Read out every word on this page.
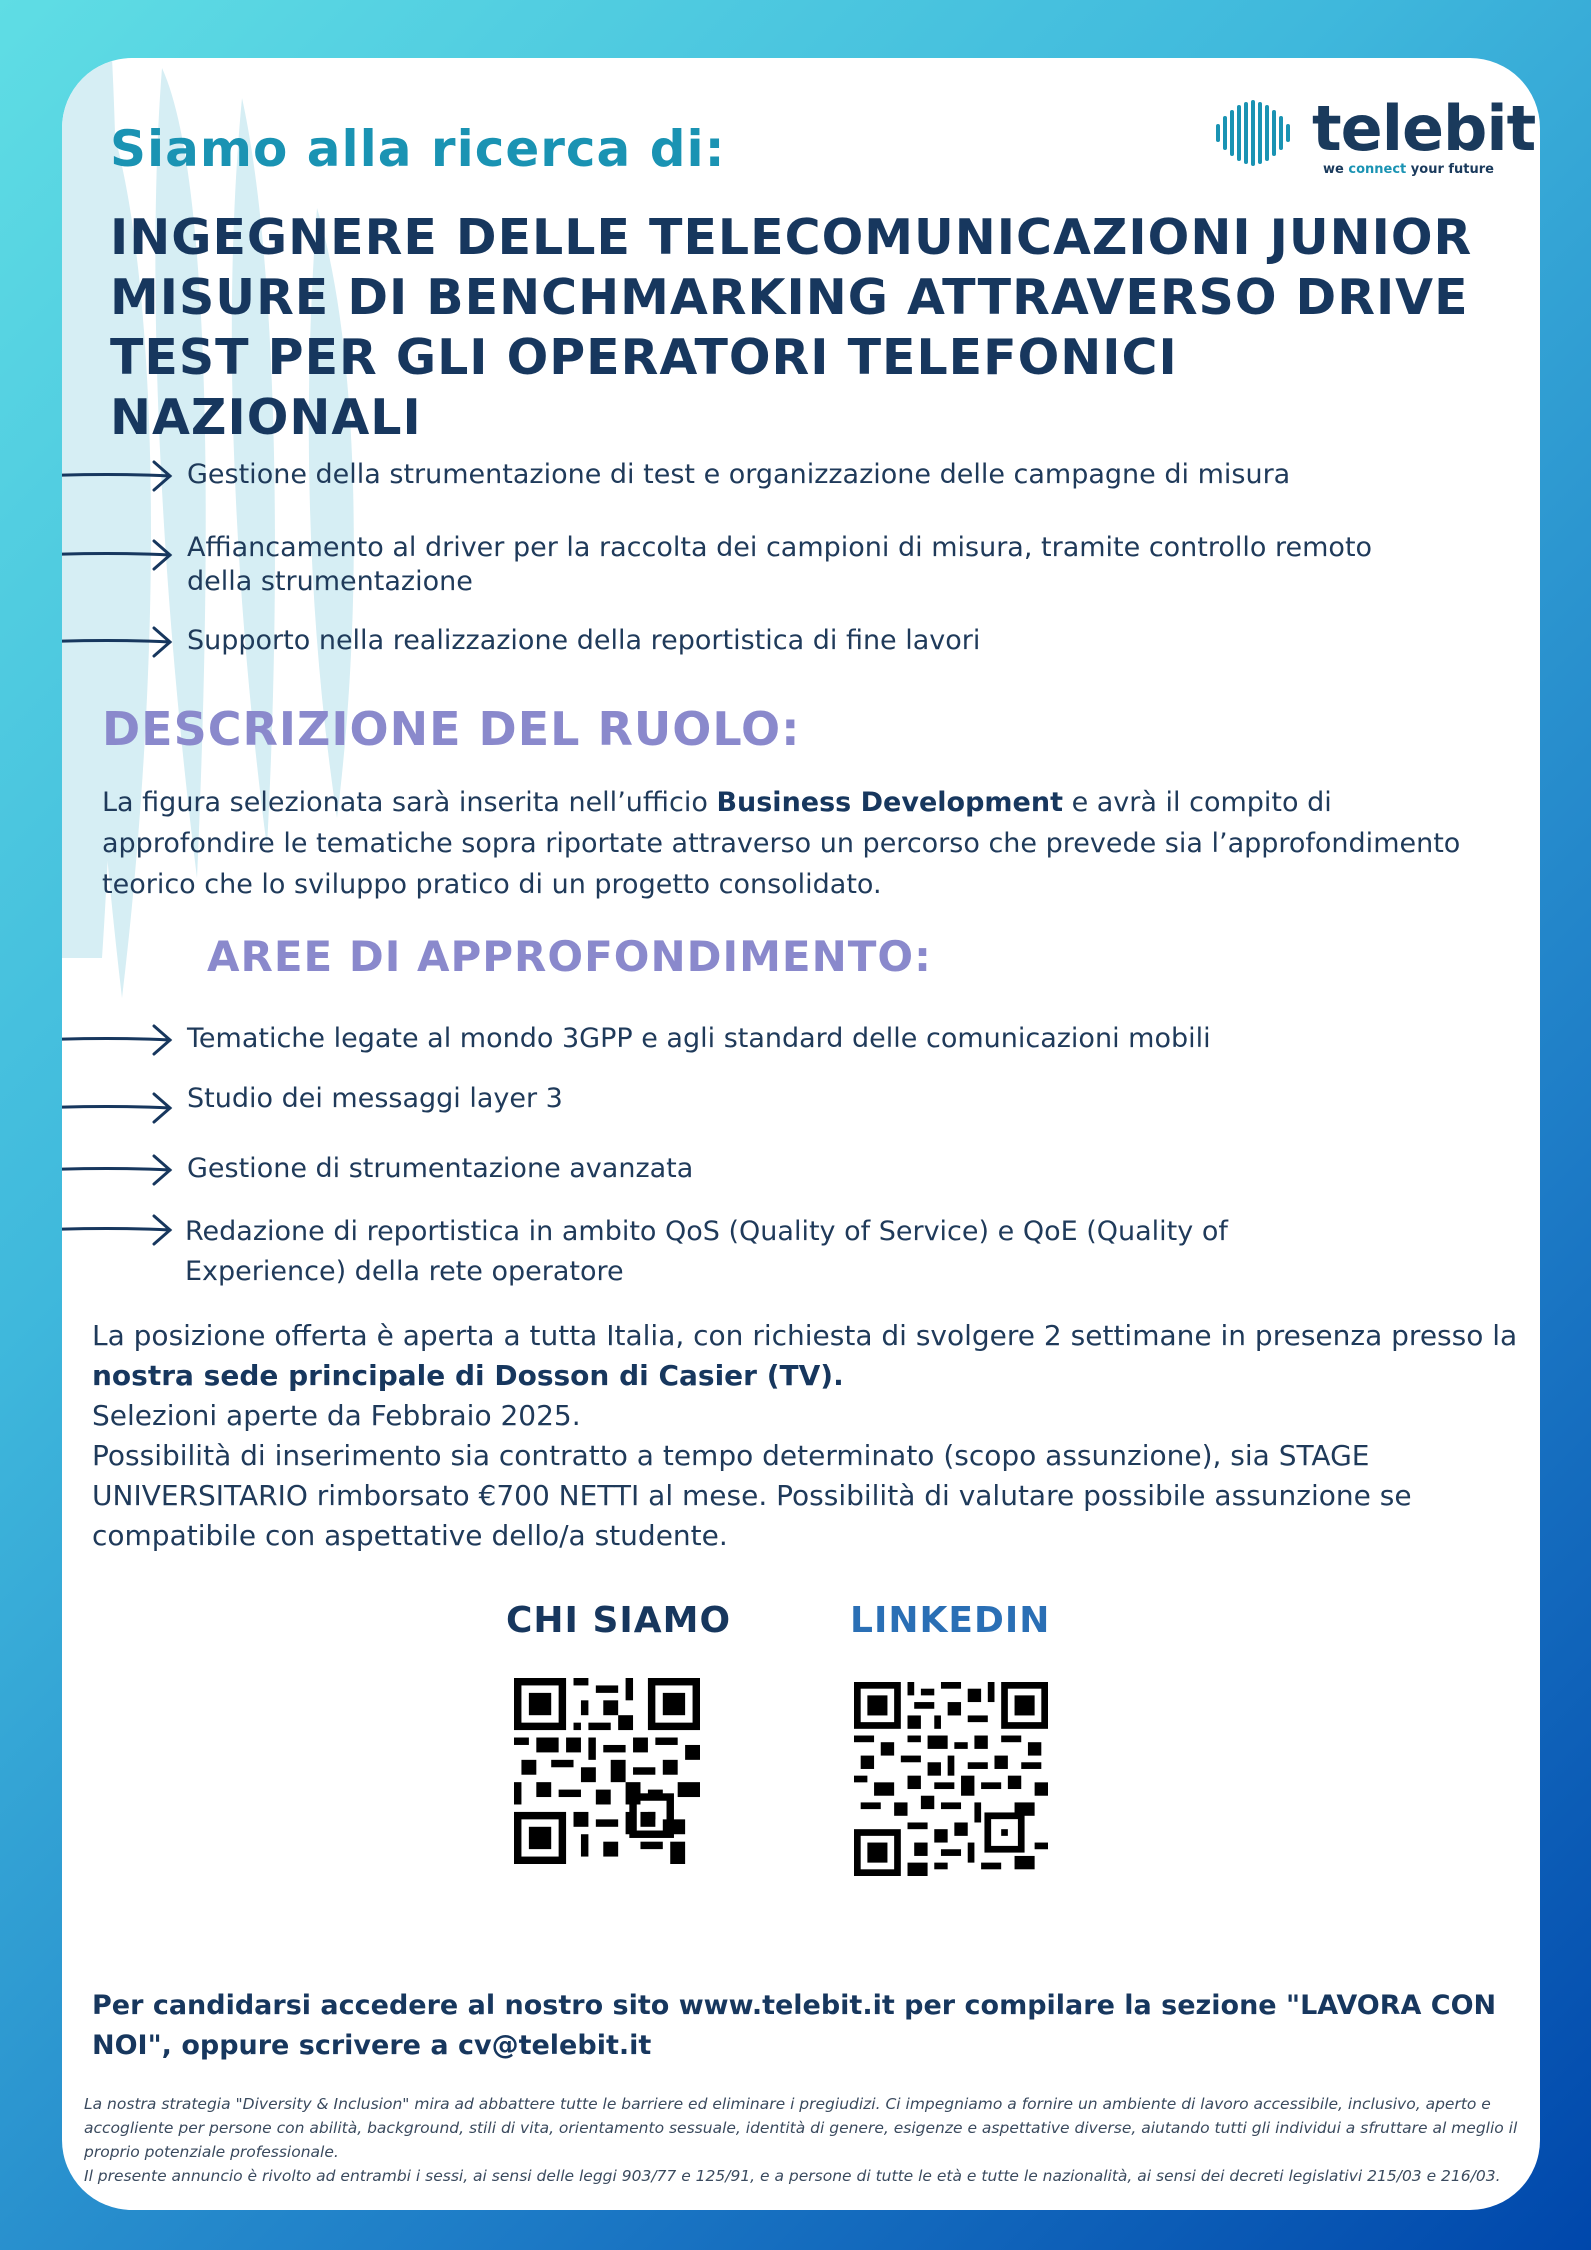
Siamo alla ricerca di:
INGEGNERE DELLE TELECOMUNICAZIONI JUNIOR
MISURE DI BENCHMARKING ATTRAVERSO DRIVE
TEST PER GLI OPERATORI TELEFONICI NAZIONALI
telebit
we connect your future
Gestione della strumentazione di test e organizzazione delle campagne di misura
Affiancamento al driver per la raccolta dei campioni di misura, tramite controllo remoto
della strumentazione
Supporto nella realizzazione della reportistica di fine lavori
DESCRIZIONE DEL RUOLO:
La figura selezionata sarà inserita nell’ufficio Business Development e avrà il compito di approfondire le tematiche sopra riportate attraverso un percorso che prevede sia l’approfondimento teorico che lo sviluppo pratico di un progetto consolidato.
AREE DI APPROFONDIMENTO:
Tematiche legate al mondo 3GPP e agli standard delle comunicazioni mobili
Studio dei messaggi layer 3
Gestione di strumentazione avanzata
Redazione di reportistica in ambito QoS (Quality of Service) e QoE (Quality of
Experience) della rete operatore
La posizione offerta è aperta a tutta Italia, con richiesta di svolgere 2 settimane in presenza presso la nostra sede principale di Dosson di Casier (TV).
Selezioni aperte da Febbraio 2025.
Possibilità di inserimento sia contratto a tempo determinato (scopo assunzione), sia STAGE UNIVERSITARIO rimborsato €700 NETTI al mese. Possibilità di valutare possibile assunzione se compatibile con aspettative dello/a studente.
CHI SIAMO	LINKEDIN
Per candidarsi accedere al nostro sito www.telebit.it per compilare la sezione "LAVORA CON NOI", oppure scrivere a cv@telebit.it
La nostra strategia "Diversity & Inclusion" mira ad abbattere tutte le barriere ed eliminare i pregiudizi. Ci impegniamo a fornire un ambiente di lavoro accessibile, inclusivo, aperto e accogliente per persone con abilità, background, stili di vita, orientamento sessuale, identità di genere, esigenze e aspettative diverse, aiutando tutti gli individui a sfruttare al meglio il proprio potenziale professionale.
Il presente annuncio è rivolto ad entrambi i sessi, ai sensi delle leggi 903/77 e 125/91, e a persone di tutte le età e tutte le nazionalità, ai sensi dei decreti legislativi 215/03 e 216/03.
